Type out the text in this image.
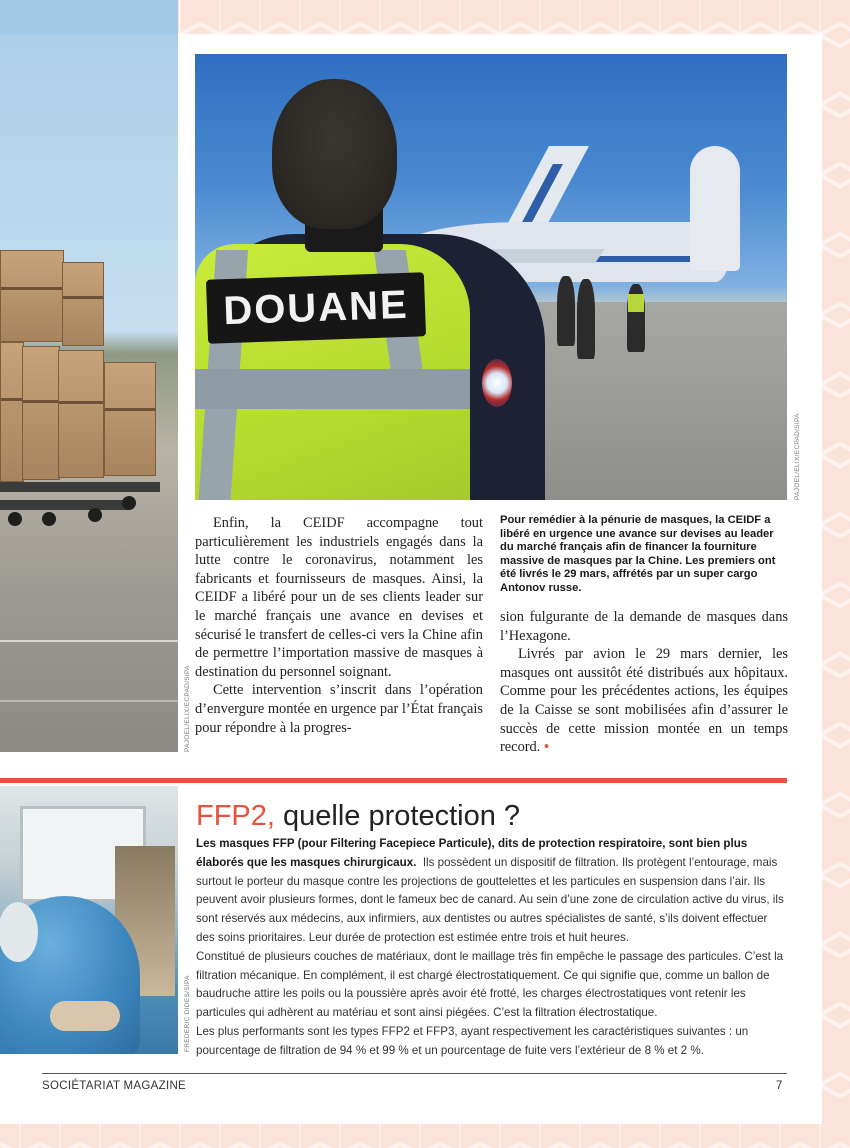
PAJOEL/ELIX/ECPAD/SIPA
DOUANE
PAJOEL/ELIX/ECPAD/SIPA
Pour remédier à la pénurie de masques, la CEIDF a libéré en urgence une avance sur devises au leader du marché français afin de financer la fourniture massive de masques par la Chine. Les premiers ont été livrés le 29 mars, affrétés par un super cargo Antonov russe.

Enfin, la CEIDF accompagne tout particulièrement les industriels engagés dans la lutte contre le coronavirus, notamment les fabricants et fournisseurs de masques. Ainsi, la CEIDF a libéré pour un de ses clients leader sur le marché français une avance en devises et sécurisé le transfert de celles-ci vers la Chine afin de permettre l’importation massive de masques à destination du personnel soignant.

Cette intervention s’inscrit dans l’opération d’envergure montée en urgence par l’État français pour répondre à la progres-

sion fulgurante de la demande de masques dans l’Hexagone.

Livrés par avion le 29 mars dernier, les masques ont aussitôt été distribués aux hôpitaux. Comme pour les précédentes actions, les équipes de la Caisse se sont mobilisées afin d’assurer le succès de cette mission montée en un temps record. •

FREDERIC DIDES/SIPA
FFP2, quelle protection ?

Les masques FFP (pour Filtering Facepiece Particule), dits de protection respiratoire, sont bien plus élaborés que les masques chirurgicaux. Ils possèdent un dispositif de filtration. Ils protègent l’entourage, mais surtout le porteur du masque contre les projections de gouttelettes et les particules en suspension dans l’air. Ils peuvent avoir plusieurs formes, dont le fameux bec de canard. Au sein d’une zone de circulation active du virus, ils sont réservés aux médecins, aux infirmiers, aux dentistes ou autres spécialistes de santé, s’ils doivent effectuer des soins prioritaires. Leur durée de protection est estimée entre trois et huit heures.
Constitué de plusieurs couches de matériaux, dont le maillage très fin empêche le passage des particules. C’est la filtration mécanique. En complément, il est chargé électrostatiquement. Ce qui signifie que, comme un ballon de baudruche attire les poils ou la poussière après avoir été frotté, les charges électrostatiques vont retenir les particules qui adhèrent au matériau et sont ainsi piégées. C’est la filtration électrostatique.
Les plus performants sont les types FFP2 et FFP3, ayant respectivement les caractéristiques suivantes : un pourcentage de filtration de 94 % et 99 % et un pourcentage de fuite vers l’extérieur de 8 % et 2 %.

SOCIÉTARIAT MAGAZINE	7
